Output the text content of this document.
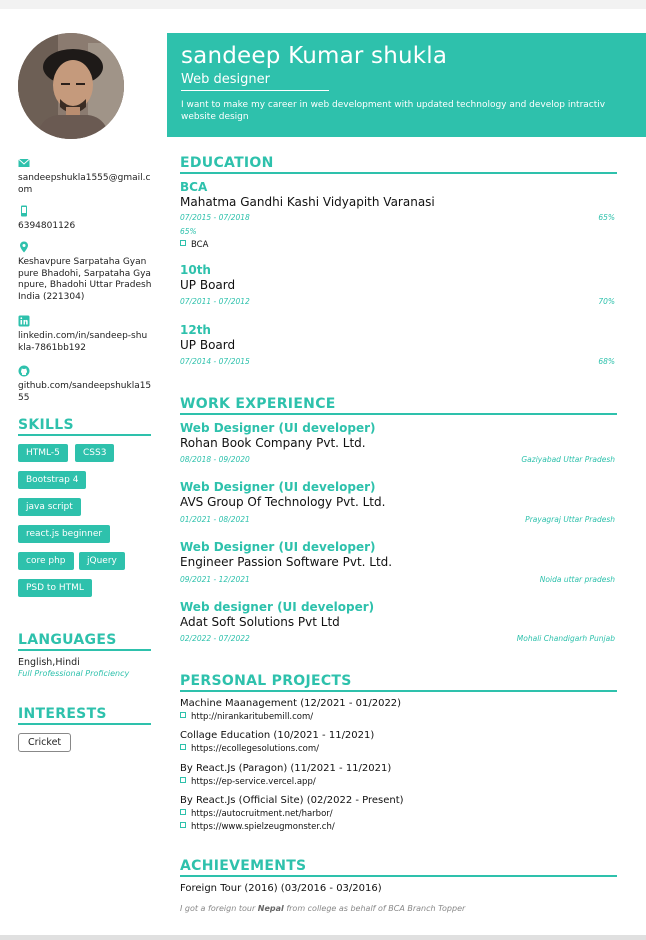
sandeepshukla1555@gmail.com
6394801126
Keshavpure Sarpataha Gyanpure Bhadohi, Sarpataha Gyanpure, Bhadohi Uttar Pradesh India (221304)
linkedin.com/in/sandeep-shukla-7861bb192
github.com/sandeepshukla1555
SKILLS
HTML-5	CSS3
Bootstrap 4
java script
react.js beginner
core php	jQuery
PSD to HTML
LANGUAGES
English,Hindi
Full Professional Proficiency
INTERESTS
Cricket
sandeep Kumar shukla
Web designer
I want to make my career in web development with updated technology and develop intractiv website design
EDUCATION
BCA
Mahatma Gandhi Kashi Vidyapith Varanasi
07/2015 - 07/2018	65%
65%
BCA
10th
UP Board
07/2011 - 07/2012	70%
12th
UP Board
07/2014 - 07/2015	68%
WORK EXPERIENCE
Web Designer (UI developer)
Rohan Book Company Pvt. Ltd.
08/2018 - 09/2020	Gaziyabad Uttar Pradesh
Web Designer (UI developer)
AVS Group Of Technology Pvt. Ltd.
01/2021 - 08/2021	Prayagraj Uttar Pradesh
Web Designer (UI developer)
Engineer Passion Software Pvt. Ltd.
09/2021 - 12/2021	Noida uttar pradesh
Web designer (UI developer)
Adat Soft Solutions Pvt Ltd
02/2022 - 07/2022	Mohali Chandigarh Punjab
PERSONAL PROJECTS
Machine Maanagement (12/2021 - 01/2022)
http://nirankaritubemill.com/
Collage Education (10/2021 - 11/2021)
https://ecollegesolutions.com/
By React.Js (Paragon) (11/2021 - 11/2021)
https://ep-service.vercel.app/
By React.Js (Official Site) (02/2022 - Present)
https://autocruitment.net/harbor/
https://www.spielzeugmonster.ch/
ACHIEVEMENTS
Foreign Tour (2016) (03/2016 - 03/2016)
I got a foreign tour Nepal from college as behalf of BCA Branch Topper
